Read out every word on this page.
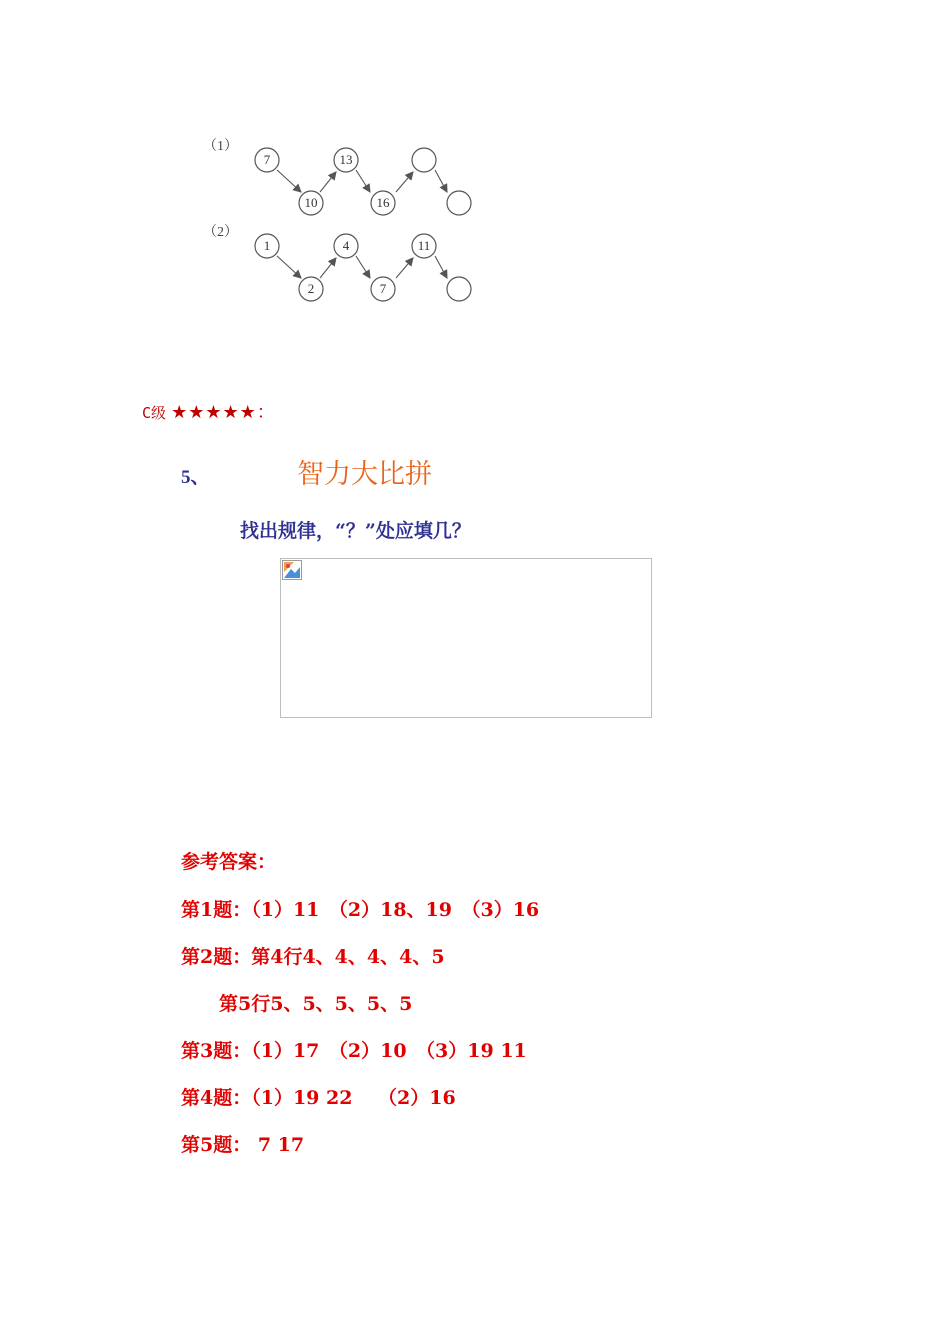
（1）
7
10
13
16
（2）
1
2
4
7
11
C级 ★★★★★：
5、	智力大比拼
找出规律，“？”处应填几？
参考答案：
第1题：（1）11　（2）18、19　（3）16
第2题：第4行4、4、4、4、5
第5行5、5、5、5、5
第3题：（1）17　（2）10　（3）19 11
第4题：（1）19 22　 （2）16
第5题： 7 17
